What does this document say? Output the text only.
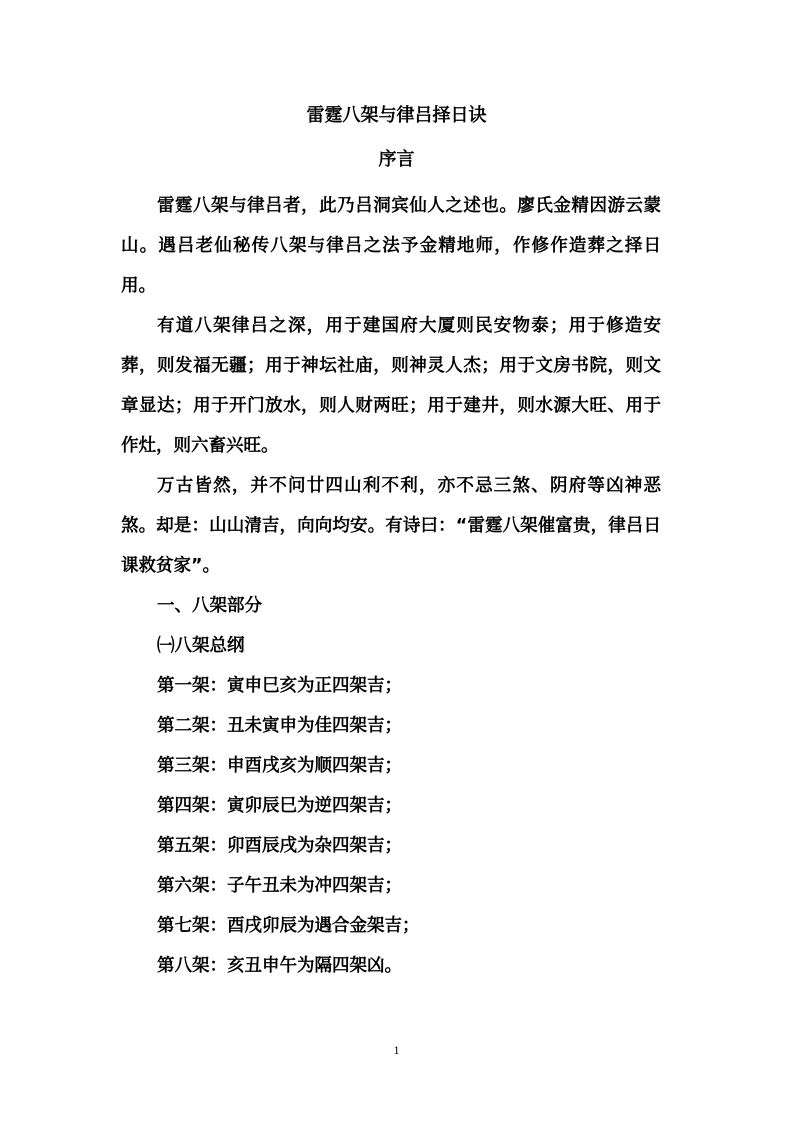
雷霆八架与律吕择日诀
序言

雷霆八架与律吕者，此乃吕洞宾仙人之述也。廖氏金精因游云蒙山。遇吕老仙秘传八架与律吕之法予金精地师，作修作造葬之择日用。

有道八架律吕之深，用于建国府大厦则民安物泰；用于修造安葬，则发福无疆；用于神坛社庙，则神灵人杰；用于文房书院，则文章显达；用于开门放水，则人财两旺；用于建井，则水源大旺、用于作灶，则六畜兴旺。

万古皆然，并不问廿四山利不利，亦不忌三煞、阴府等凶神恶煞。却是：山山清吉，向向均安。有诗曰：“雷霆八架催富贵，律吕日课救贫家”。

一、八架部分

㈠八架总纲

第一架：寅申巳亥为正四架吉；

第二架：丑未寅申为佳四架吉；

第三架：申酉戌亥为顺四架吉；

第四架：寅卯辰巳为逆四架吉；

第五架：卯酉辰戌为杂四架吉；

第六架：子午丑未为冲四架吉；

第七架：酉戌卯辰为遇合金架吉；

第八架：亥丑申午为隔四架凶。

1
